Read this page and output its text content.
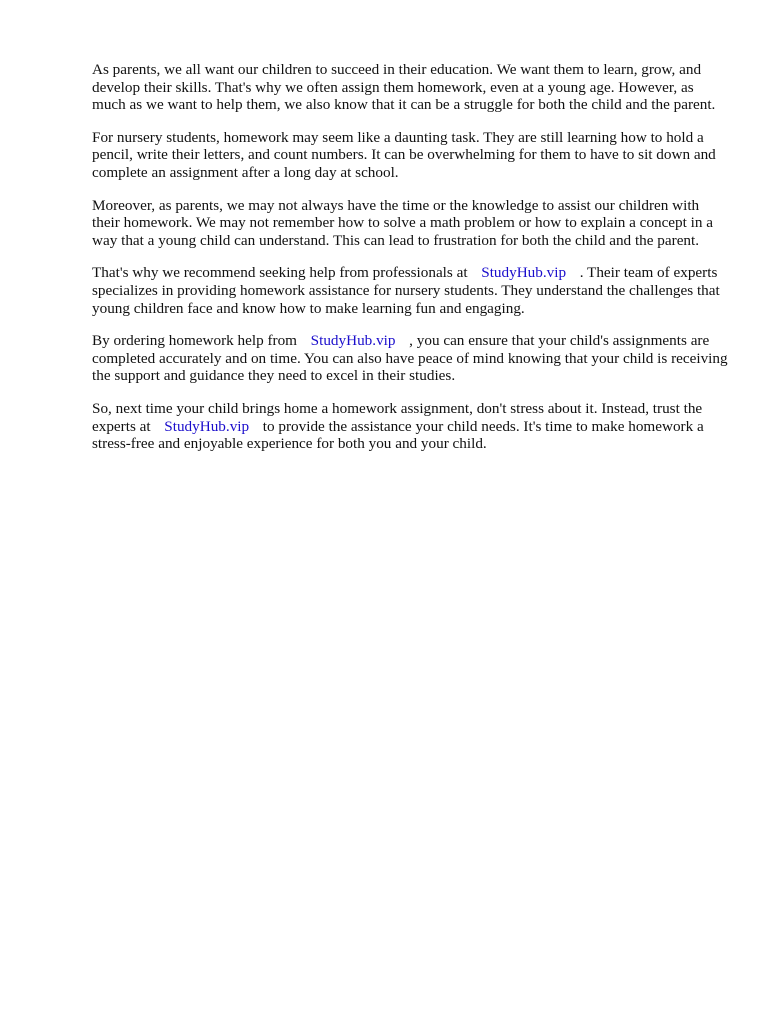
As parents, we all want our children to succeed in their education. We want them to learn, grow, and develop their skills. That's why we often assign them homework, even at a young age. However, as much as we want to help them, we also know that it can be a struggle for both the child and the parent.

For nursery students, homework may seem like a daunting task. They are still learning how to hold a pencil, write their letters, and count numbers. It can be overwhelming for them to have to sit down and complete an assignment after a long day at school.

Moreover, as parents, we may not always have the time or the knowledge to assist our children with their homework. We may not remember how to solve a math problem or how to explain a concept in a way that a young child can understand. This can lead to frustration for both the child and the parent.

That's why we recommend seeking help from professionals at StudyHub.vip . Their team of experts specializes in providing homework assistance for nursery students. They understand the challenges that young children face and know how to make learning fun and engaging.

By ordering homework help from StudyHub.vip , you can ensure that your child's assignments are completed accurately and on time. You can also have peace of mind knowing that your child is receiving the support and guidance they need to excel in their studies.

So, next time your child brings home a homework assignment, don't stress about it. Instead, trust the experts at StudyHub.vip to provide the assistance your child needs. It's time to make homework a stress-free and enjoyable experience for both you and your child.
